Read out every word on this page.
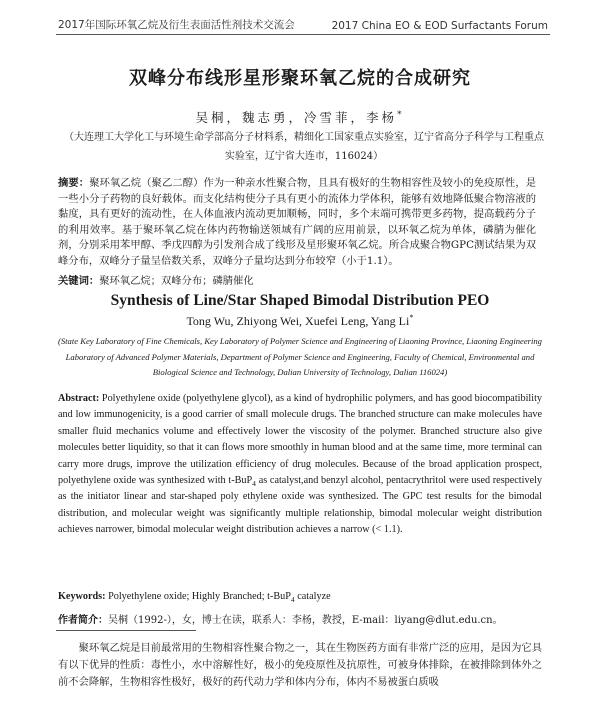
2017年国际环氧乙烷及衍生表面活性剂技术交流会	2017 China EO & EOD Surfactants Forum
双峰分布线形星形聚环氧乙烷的合成研究
吴桐，魏志勇，冷雪菲，李杨*
（大连理工大学化工与环境生命学部高分子材料系，精细化工国家重点实验室，辽宁省高分子科学与工程重点实验室，辽宁省大连市，116024）
摘要：聚环氧乙烷（聚乙二醇）作为一种亲水性聚合物，且具有极好的生物相容性及较小的免疫原性，是一些小分子药物的良好载体。而支化结构使分子具有更小的流体力学体积，能够有效地降低聚合物溶液的黏度，具有更好的流动性，在人体血液内流动更加顺畅，同时，多个末端可携带更多药物，提高载药分子的利用效率。基于聚环氧乙烷在体内药物输送领域有广阔的应用前景，以环氧乙烷为单体，磷腈为催化剂，分别采用苯甲醇、季戊四醇为引发剂合成了线形及星形聚环氧乙烷。所合成聚合物GPC测试结果为双峰分布，双峰分子量呈倍数关系，双峰分子量均达到分布较窄（小于1.1）。
关键词：聚环氧乙烷；双峰分布；磷腈催化
Synthesis of Line/Star Shaped Bimodal Distribution PEO
Tong Wu, Zhiyong Wei, Xuefei Leng, Yang Li*
(State Key Laboratory of Fine Chemicals, Key Laboratory of Polymer Science and Engineering of Liaoning Province, Liaoning Engineering Laboratory of Advanced Polymer Materials, Department of Polymer Science and Engineering, Faculty of Chemical, Environmental and Biological Science and Technology, Dalian University of Technology, Dalian 116024)
Abstract: Polyethylene oxide (polyethylene glycol), as a kind of hydrophilic polymers, and has good biocompatibility and low immunogenicity, is a good carrier of small molecule drugs. The branched structure can make molecules have smaller fluid mechanics volume and effectively lower the viscosity of the polymer. Branched structure also give molecules better liquidity, so that it can flows more smoothly in human blood and at the same time, more terminal can carry more drugs, improve the utilization efficiency of drug molecules. Because of the broad application prospect, polyethylene oxide was synthesized with t-BuP$_4$ as catalyst,and benzyl alcohol, pentacrythritol were used respectively as the initiator linear and star-shaped poly ethylene oxide was synthesized. The GPC test results for the bimodal distribution, and molecular weight was significantly multiple relationship, bimodal molecular weight distribution achieves narrower, bimodal molecular weight distribution achieves a narrow (< 1.1).
Keywords: Polyethylene oxide; Highly Branched; t-BuP$_4$ catalyze
作者简介：吴桐（1992-），女，博士在读，联系人：李杨，教授，E-mail：liyang@dlut.edu.cn。
聚环氧乙烷是目前最常用的生物相容性聚合物之一，其在生物医药方面有非常广泛的应用，是因为它具有以下优异的性质：毒性小，水中溶解性好，极小的免疫原性及抗原性，可被身体排除，在被排除到体外之前不会降解，生物相容性极好，极好的药代动力学和体内分布，体内不易被蛋白质吸
